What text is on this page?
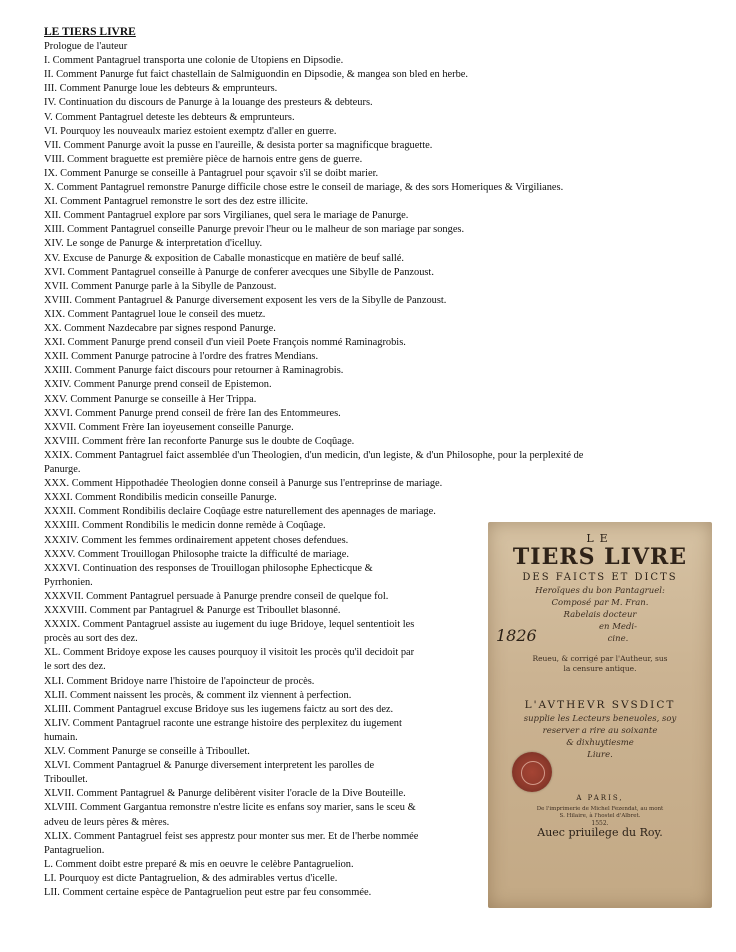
LE TIERS LIVRE
Prologue de l'auteur
I. Comment Pantagruel transporta une colonie de Utopiens en Dipsodie.
II. Comment Panurge fut faict chastellain de Salmiguondin en Dipsodie, & mangea son bled en herbe.
III. Comment Panurge loue les debteurs & emprunteurs.
IV. Continuation du discours de Panurge à la louange des presteurs & debteurs.
V. Comment Pantagruel deteste les debteurs & emprunteurs.
VI. Pourquoy les nouveaulx mariez estoient exemptz d'aller en guerre.
VII. Comment Panurge avoit la pusse en l'aureille, & desista porter sa magnificque braguette.
VIII. Comment braguette est première pièce de harnois entre gens de guerre.
IX. Comment Panurge se conseille à Pantagruel pour sçavoir s'il se doibt marier.
X. Comment Pantagruel remonstre Panurge difficile chose estre le conseil de mariage, & des sors Homeriques & Virgilianes.
XI. Comment Pantagruel remonstre le sort des dez estre illicite.
XII. Comment Pantagruel explore par sors Virgilianes, quel sera le mariage de Panurge.
XIII. Comment Pantagruel conseille Panurge prevoir l'heur ou le malheur de son mariage par songes.
XIV. Le songe de Panurge & interpretation d'icelluy.
XV. Excuse de Panurge & exposition de Caballe monasticque en matière de beuf sallé.
XVI. Comment Pantagruel conseille à Panurge de conferer avecques une Sibylle de Panzoust.
XVII. Comment Panurge parle à la Sibylle de Panzoust.
XVIII. Comment Pantagruel & Panurge diversement exposent les vers de la Sibylle de Panzoust.
XIX. Comment Pantagruel loue le conseil des muetz.
XX. Comment Nazdecabre par signes respond Panurge.
XXI. Comment Panurge prend conseil d'un vieil Poete François nommé Raminagrobis.
XXII. Comment Panurge patrocine à l'ordre des fratres Mendians.
XXIII. Comment Panurge faict discours pour retourner à Raminagrobis.
XXIV. Comment Panurge prend conseil de Epistemon.
XXV. Comment Panurge se conseille à Her Trippa.
XXVI. Comment Panurge prend conseil de frère Ian des Entommeures.
XXVII. Comment Frère Ian ioyeusement conseille Panurge.
XXVIII. Comment frère Ian reconforte Panurge sus le doubte de Coqûage.
XXIX. Comment Pantagruel faict assemblée d'un Theologien, d'un medicin, d'un legiste, & d'un Philosophe, pour la perplexité de
Panurge.
XXX. Comment Hippothadée Theologien donne conseil à Panurge sus l'entreprinse de mariage.
XXXI. Comment Rondibilis medicin conseille Panurge.
XXXII. Comment Rondibilis declaire Coqûage estre naturellement des apennages de mariage.
XXXIII. Comment Rondibilis le medicin donne remède à Coqûage.
XXXIV. Comment les femmes ordinairement appetent choses defendues.
XXXV. Comment Trouillogan Philosophe traicte la difficulté de mariage.
XXXVI. Continuation des responses de Trouillogan philosophe Ephecticque &
Pyrrhonien.
XXXVII. Comment Pantagruel persuade à Panurge prendre conseil de quelque fol.
XXXVIII. Comment par Pantagruel & Panurge est Triboullet blasonné.
XXXIX. Comment Pantagruel assiste au iugement du iuge Bridoye, lequel sententioit les
procès au sort des dez.
XL. Comment Bridoye expose les causes pourquoy il visitoit les procès qu'il decidoit par
le sort des dez.
XLI. Comment Bridoye narre l'histoire de l'apoincteur de procès.
XLII. Comment naissent les procès, & comment ilz viennent à perfection.
XLIII. Comment Pantagruel excuse Bridoye sus les iugemens faictz au sort des dez.
XLIV. Comment Pantagruel raconte une estrange histoire des perplexitez du iugement
humain.
XLV. Comment Panurge se conseille à Triboullet.
XLVI. Comment Pantagruel & Panurge diversement interpretent les parolles de
Triboullet.
XLVII. Comment Pantagruel & Panurge delibèrent visiter l'oracle de la Dive Bouteille.
XLVIII. Comment Gargantua remonstre n'estre licite es enfans soy marier, sans le sceu &
adveu de leurs pères & mères.
XLIX. Comment Pantagruel feist ses apprestz pour monter sus mer. Et de l'herbe nommée
Pantagruelion.
L. Comment doibt estre preparé & mis en oeuvre le celèbre Pantagruelion.
LI. Pourquoy est dicte Pantagruelion, & des admirables vertus d'icelle.
LII. Comment certaine espèce de Pantagruelion peut estre par feu consommée.
LE
TIERS LIVRE
DES FAICTS ET DICTS
Heroïques du bon Pantagruel:
Composé par M. Fran.
Rabelais docteur
en Medi-
cine.
1826
Reueu, & corrigé par l'Autheur, sus
la censure antique.
L'AVTHEVR SVSDICT
supplie les Lecteurs beneuoles, soy
reserver a rire au soixante
& dixhuytiesme
Liure.
A PARIS,
De l'imprimerie de Michel Fezendat, au mont
S. Hilaire, à l'hostel d'Albret.
1552.
Auec priuilege du Roy.
